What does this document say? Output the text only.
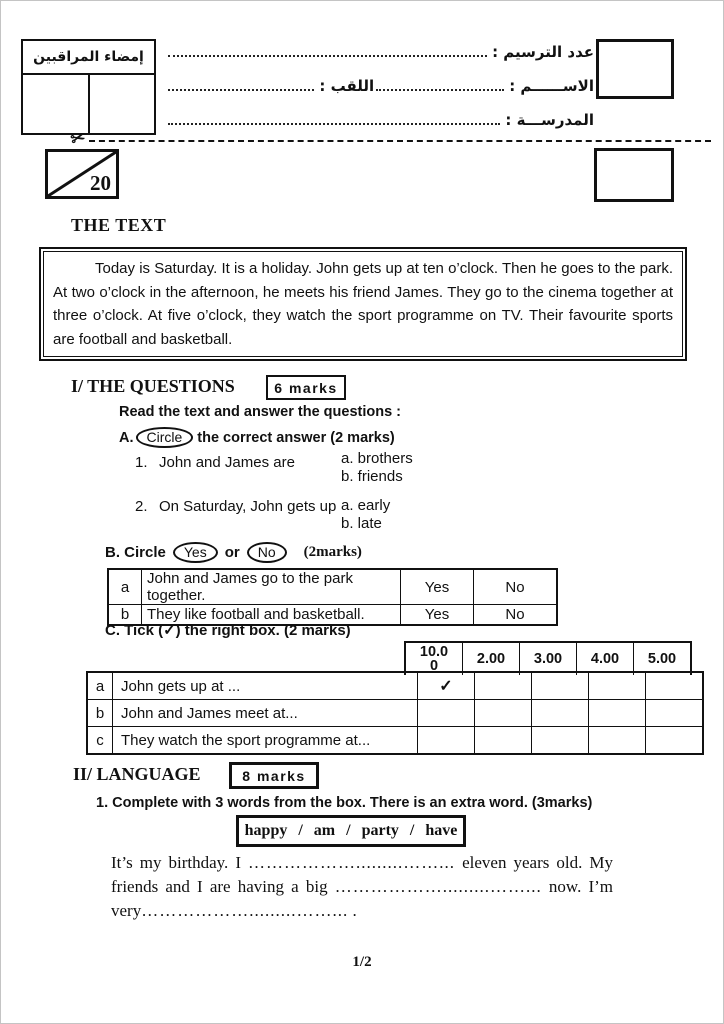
إمضاء المراقبين	عدد الترسيم :
الاســــــم :
اللقب :
المدرســـة :
✂
20
THE TEXT

Today is Saturday. It is a holiday. John gets up at ten o’clock. Then he goes to the park. At two o’clock in the afternoon, he meets his friend James. They go to the cinema together at three o’clock. At five o’clock, they watch the sport programme on TV. Their favourite sports are football and basketball.

I/ THE QUESTIONS	6 marks
Read the text and answer the questions :
A. Circle	the correct answer (2 marks)
1. John and James are	a. brothers
b. friends
2. On Saturday, John gets up a. early
b. late
B. Circle	Yes	or	No	(2marks)
a	John and James go to the park together.	Yes	No
b	They like football and basketball.	Yes	No
C. Tick (✓) the right box. (2 marks)
10.00	2.00	3.00	4.00	5.00
a	John gets up at ...	✓				
b	John and James meet at...					
c	They watch the sport programme at...					
II/ LANGUAGE	8 marks
1. Complete with 3 words from the box. There is an extra word. (3marks)
happy / am / party / have
It’s my birthday. I ……………….........……... eleven years old. My friends and I are having a big ……………….........……... now. I’m very……………….........……... .
1/2
